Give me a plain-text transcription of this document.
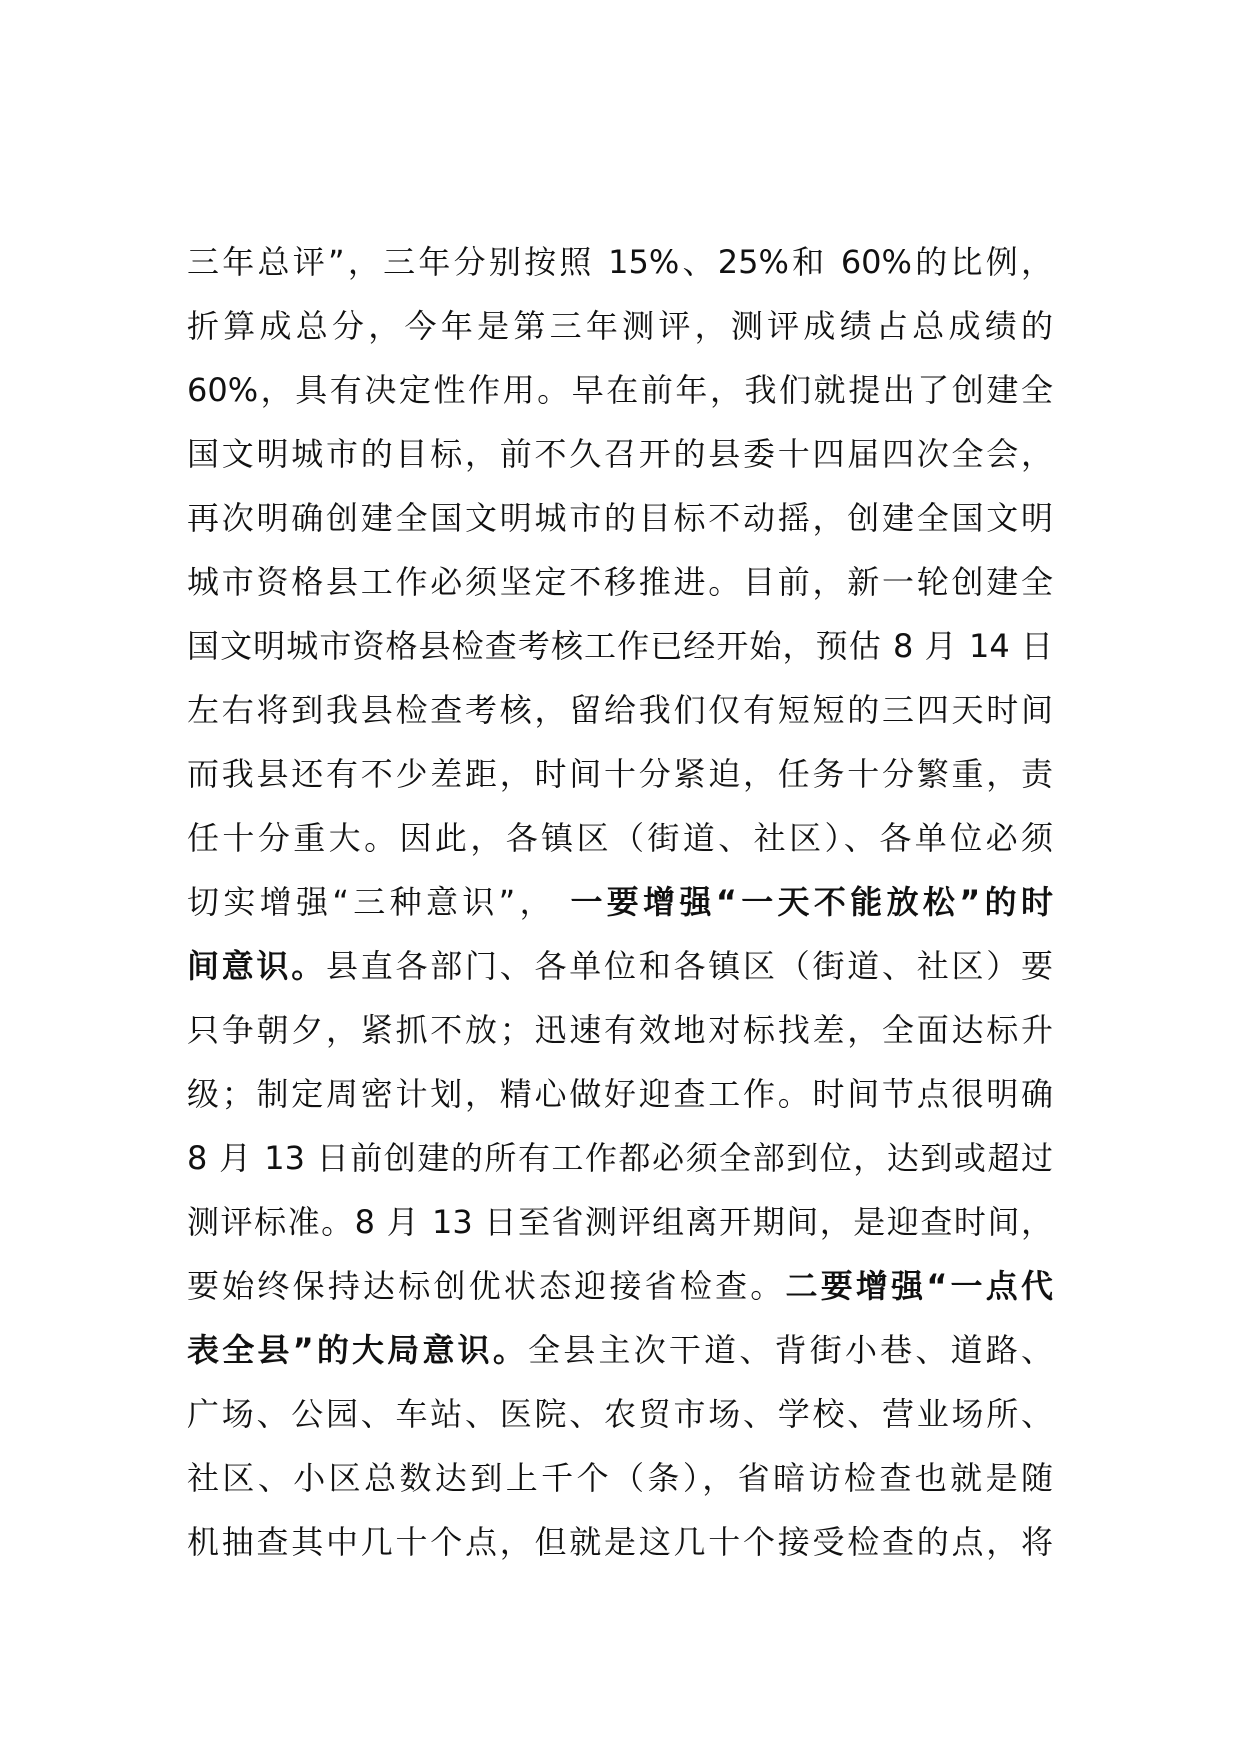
三年总评”，三年分别按照 15%、25%和 60%的比例，
折算成总分，今年是第三年测评，测评成绩占总成绩的
60%，具有决定性作用。早在前年，我们就提出了创建全
国文明城市的目标，前不久召开的县委十四届四次全会，
再次明确创建全国文明城市的目标不动摇，创建全国文明
城市资格县工作必须坚定不移推进。目前，新一轮创建全
国文明城市资格县检查考核工作已经开始，预估 8 月 14 日
左右将到我县检查考核，留给我们仅有短短的三四天时间
而我县还有不少差距，时间十分紧迫，任务十分繁重，责
任十分重大。因此，各镇区（街道、社区）、各单位必须
切实增强“三种意识”， 一要增强“一天不能放松”的时
间意识。县直各部门、各单位和各镇区（街道、社区）要
只争朝夕，紧抓不放；迅速有效地对标找差，全面达标升
级；制定周密计划，精心做好迎查工作。时间节点很明确
8 月 13 日前创建的所有工作都必须全部到位，达到或超过
测评标准。8 月 13 日至省测评组离开期间，是迎查时间，
要始终保持达标创优状态迎接省检查。二要增强“一点代
表全县”的大局意识。全县主次干道、背街小巷、道路、
广场、公园、车站、医院、农贸市场、学校、营业场所、
社区、小区总数达到上千个（条），省暗访检查也就是随
机抽查其中几十个点，但就是这几十个接受检查的点，将
